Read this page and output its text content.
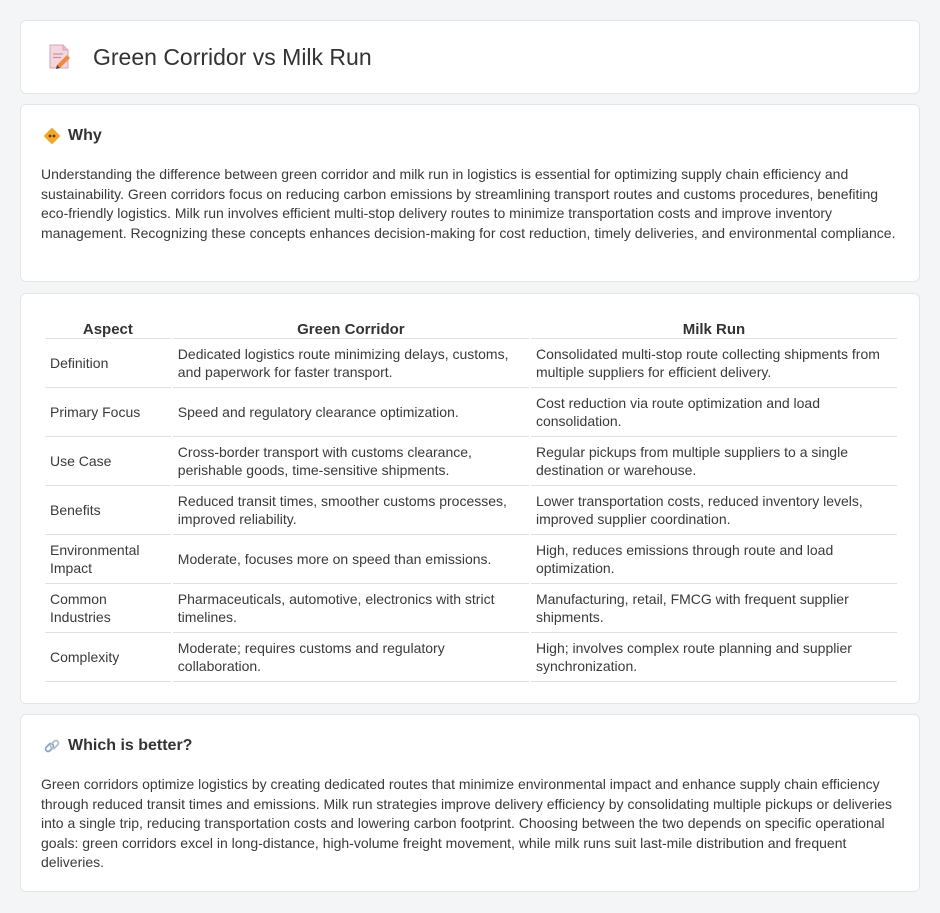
Green Corridor vs Milk Run
Why

Understanding the difference between green corridor and milk run in logistics is essential for optimizing supply chain efficiency and sustainability. Green corridors focus on reducing carbon emissions by streamlining transport routes and customs procedures, benefiting eco-friendly logistics. Milk run involves efficient multi-stop delivery routes to minimize transportation costs and improve inventory management. Recognizing these concepts enhances decision-making for cost reduction, timely deliveries, and environmental compliance.

Aspect	Green Corridor	Milk Run
Definition	Dedicated logistics route minimizing delays, customs, and paperwork for faster transport.	Consolidated multi-stop route collecting shipments from multiple suppliers for efficient delivery.
Primary Focus	Speed and regulatory clearance optimization.	Cost reduction via route optimization and load consolidation.
Use Case	Cross-border transport with customs clearance, perishable goods, time-sensitive shipments.	Regular pickups from multiple suppliers to a single destination or warehouse.
Benefits	Reduced transit times, smoother customs processes, improved reliability.	Lower transportation costs, reduced inventory levels, improved supplier coordination.
Environmental Impact	Moderate, focuses more on speed than emissions.	High, reduces emissions through route and load optimization.
Common Industries	Pharmaceuticals, automotive, electronics with strict timelines.	Manufacturing, retail, FMCG with frequent supplier shipments.
Complexity	Moderate; requires customs and regulatory collaboration.	High; involves complex route planning and supplier synchronization.
Which is better?

Green corridors optimize logistics by creating dedicated routes that minimize environmental impact and enhance supply chain efficiency through reduced transit times and emissions. Milk run strategies improve delivery efficiency by consolidating multiple pickups or deliveries into a single trip, reducing transportation costs and lowering carbon footprint. Choosing between the two depends on specific operational goals: green corridors excel in long-distance, high-volume freight movement, while milk runs suit last-mile distribution and frequent deliveries.
